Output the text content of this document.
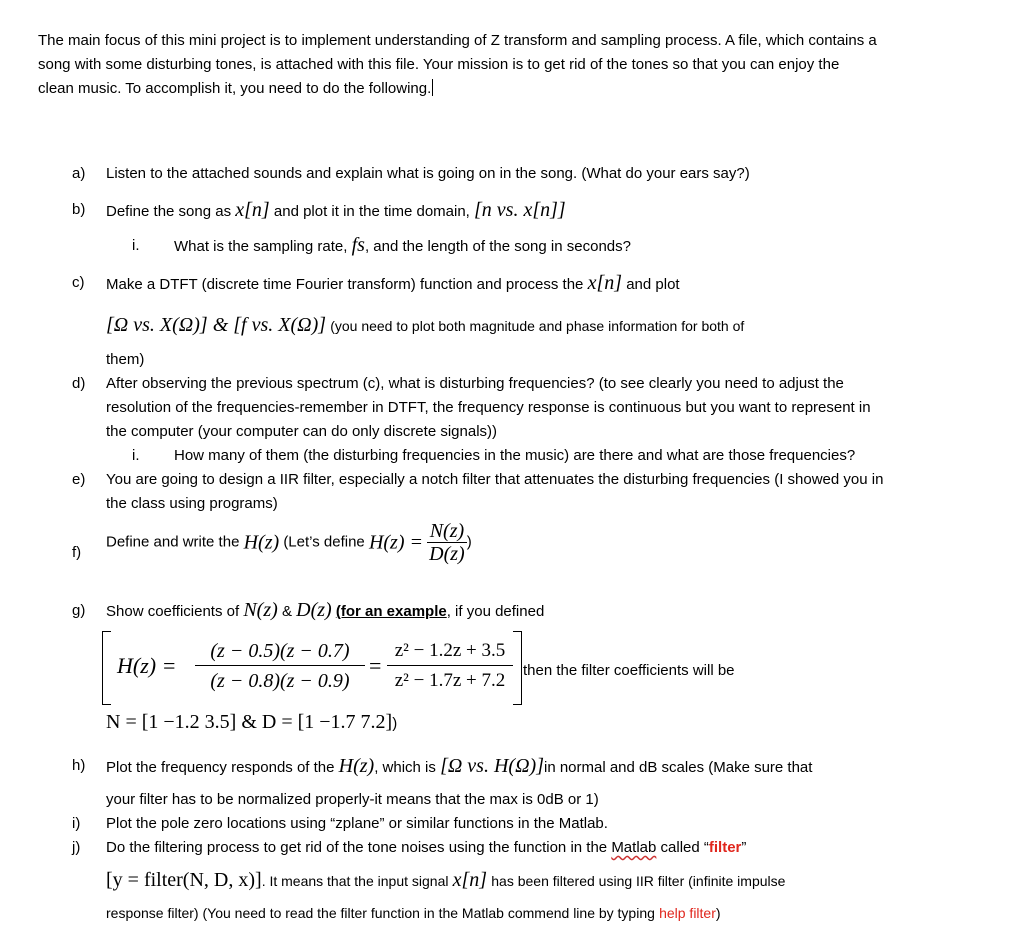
The main focus of this mini project is to implement understanding of Z transform and sampling process. A file, which contains a
song with some disturbing tones, is attached with this file. Your mission is to get rid of the tones so that you can enjoy the
clean music. To accomplish it, you need to do the following.
a) Listen to the attached sounds and explain what is going on in the song. (What do your ears say?)
b) Define the song as x[n] and plot it in the time domain, [n vs. x[n]]
i. What is the sampling rate, fs, and the length of the song in seconds?
c) Make a DTFT (discrete time Fourier transform) function and process the x[n] and plot
[Ω vs. X(Ω)] & [f vs. X(Ω)] (you need to plot both magnitude and phase information for both of
them)
d) After observing the previous spectrum (c), what is disturbing frequencies? (to see clearly you need to adjust the
resolution of the frequencies-remember in DTFT, the frequency response is continuous but you want to represent in
the computer (your computer can do only discrete signals))
i. How many of them (the disturbing frequencies in the music) are there and what are those frequencies?
e) You are going to design a IIR filter, especially a notch filter that attenuates the disturbing frequencies (I showed you in
the class using programs)
f)
Define and write the H(z) (Let’s define $H(z) = \frac{N(z)}{D(z)}$ )
g) Show coefficients of N(z) & D(z) (for an example, if you defined
$H(z) = \frac{(z - 0.5)(z - 0.7)}{(z - 0.8)(z - 0.9)} = \frac{\text{z² − 1.2z + 3.5}}{\text{z² − 1.7z + 7.2}}$ then the filter coefficients will be
N = [1 −1.2 3.5] & D = [1 −1.7 7.2])
h) Plot the frequency responds of the H(z), which is [Ω vs. H(Ω)]in normal and dB scales (Make sure that
your filter has to be normalized properly-it means that the max is 0dB or 1)
i) Plot the pole zero locations using “zplane” or similar functions in the Matlab.
j) Do the filtering process to get rid of the tone noises using the function in the Matlab called “filter”
[y = filter(N, D, x)]. It means that the input signal x[n] has been filtered using IIR filter (infinite impulse
response filter) (You need to read the filter function in the Matlab commend line by typing help filter)
